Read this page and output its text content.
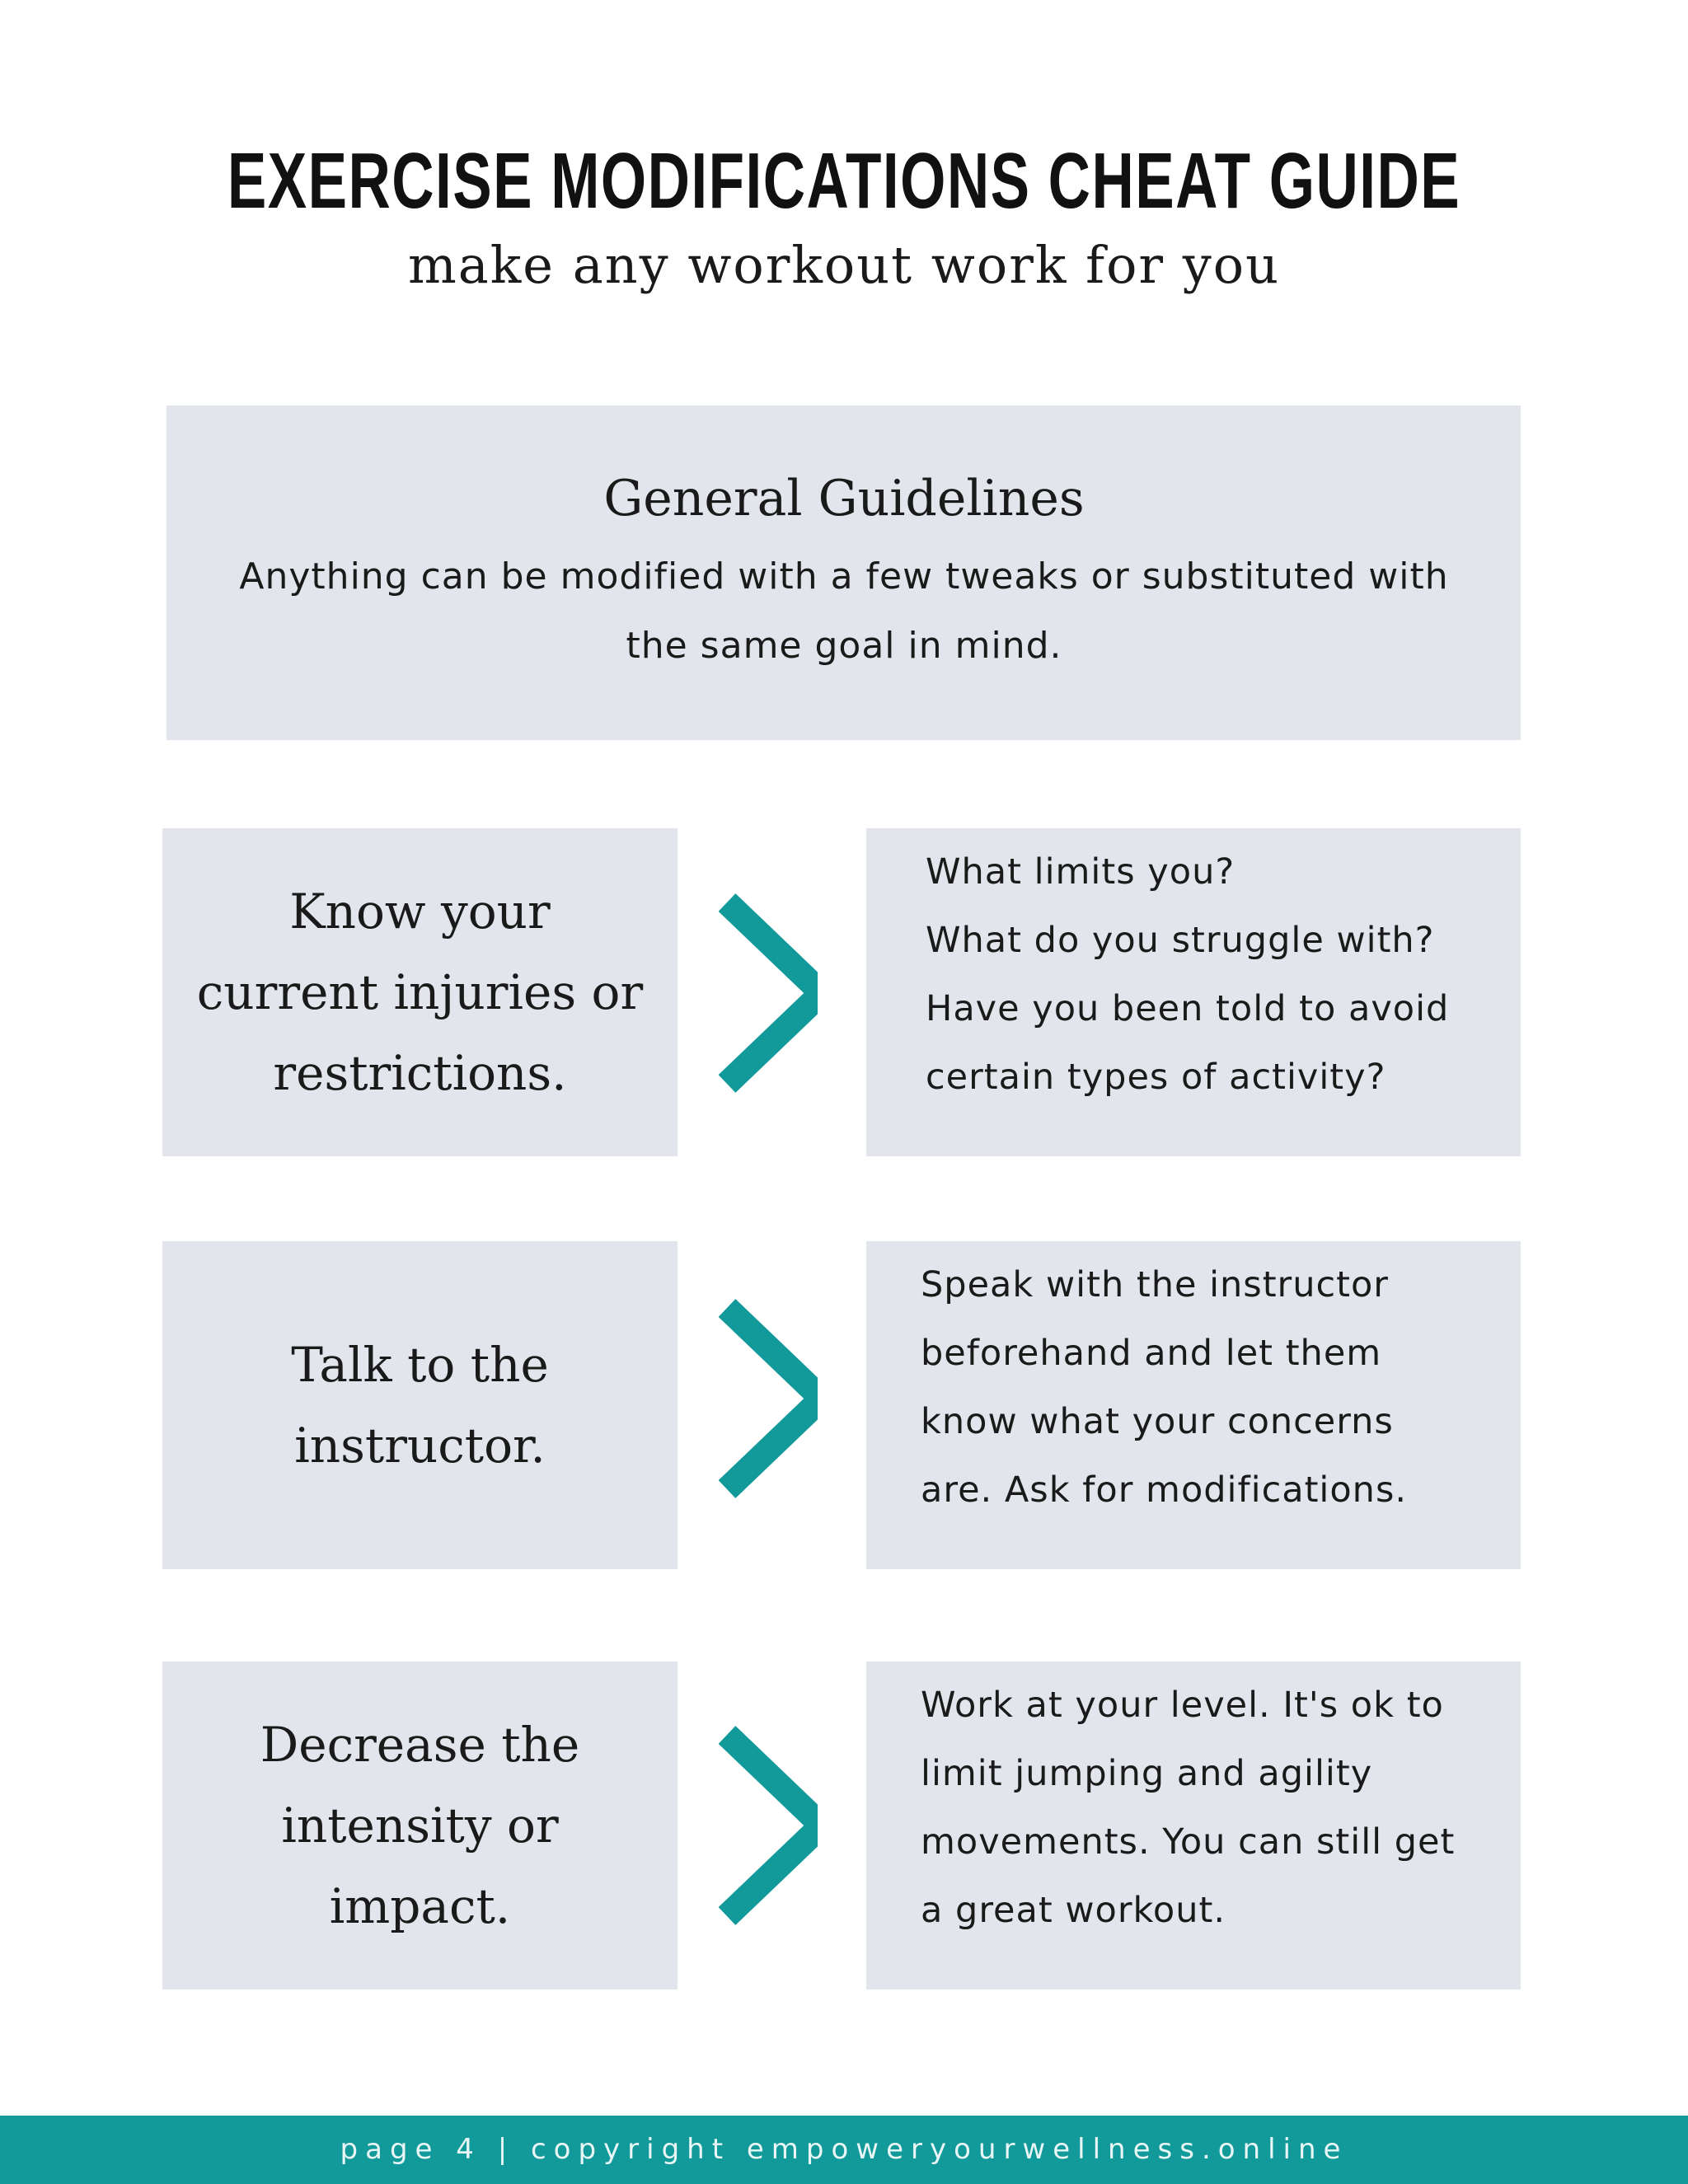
EXERCISE MODIFICATIONS CHEAT GUIDE
make any workout work for you
General Guidelines
Anything can be modified with a few tweaks or substituted with the same goal in mind.
Know your
current injuries or
restrictions.
What limits you?
What do you struggle with?
Have you been told to avoid
certain types of activity?
Talk to the
instructor.
Speak with the instructor
beforehand and let them
know what your concerns
are. Ask for modifications.
Decrease the
intensity or
impact.
Work at your level. It's ok to
limit jumping and agility
movements. You can still get
a great workout.
page 4 | copyright empoweryourwellness.online
